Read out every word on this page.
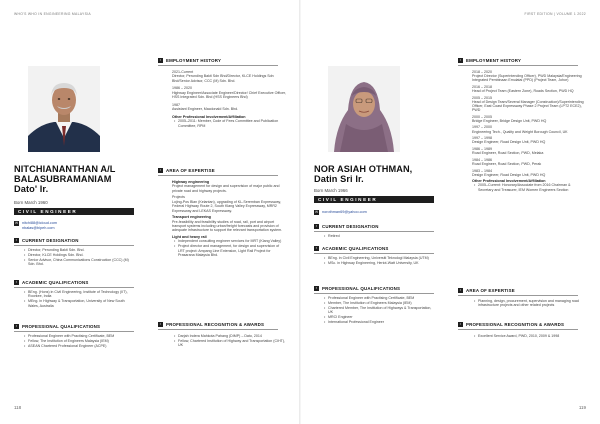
WHO'S WHO IN ENGINEERING MALAYSIA
NITCHIANANTHAN A/L
BALASUBRAMANIAM
Dato' Ir.
Born March 1960
CIVIL ENGINEER
✉ nitchi88@icloud.com
nbalas@bipeh.com
▪ CURRENT DESIGNATION
• Director, Perunding Bakti Sdn. Bhd.
• Director, KLCE Holdings Sdn. Bhd.
• Senior Advisor, China Communications Construction (CCC) (M) Sdn. Bhd.
▪ ACADEMIC QUALIFICATIONS
• BEng. (Hons) in Civil Engineering, Institute of Technology (IIT), Roorkee, India
• MEng. in Highway & Transportation, University of New South Wales, Australia
▪ PROFESSIONAL QUALIFICATIONS
• Professional Engineer with Practising Certificate, BEM
• Fellow, The Institution of Engineers Malaysia (IEM)
• ASEAN Chartered Professional Engineer (ACPE)
▪ EMPLOYMENT HISTORY
2021-Current
Director, Perunding Bakti Sdn Bhd/Director, KLCE Holdings Sdn Bhd/Senior Advisor, CCC (M) Sdn. Bhd.
1986 – 2020
Highway Engineer/Associate Engineer/Director/ Chief Executive Officer, HSS Integrated Sdn. Bhd (HSS Engineers Bhd)
1987
Assistant Engineer, Macdonald Sdn. Bhd.
Other Professional Involvement/Affiliation
• 2005–2011: Member, Code of Fees Committee and Publication Committee, RPM
▪ AREA OF EXPERTISE
Highway engineering
Project management for design and supervision of major public and private road and highway projects.
Projects
Lojing-Pos Blan (Kelantan), upgrading of KL-Seremban Expressway, Federal Highway Route 2, South Klang Valley Expressway, MRR2 Expressway and LEKAS Expressway.
Transport engineering
Pre-feasibility and feasibility studies of road, rail, port and airport transport systems including urban/freight forecasts and provision of adequate infrastructure to support the relevant transportation system.
Light and heavy rail
• Independent consulting engineer services for MRT (Klang Valley)
• Project director and management, for design and supervision of LRT project: Ampang Line Extension, Light Rail Project for Prasarana Malaysia Bhd.
▪ PROFESSIONAL RECOGNITION & AWARDS
• Darjah Indera Mahkota Pahang (DIMP) – Dato, 2014
• Fellow, Chartered Institution of Highway and Transportation (CIHT), UK
118
FIRST EDITION | VOLUME 1 2022
NOR ASIAH OTHMAN,
Datin Sri Ir.
Born March 1966
CIVIL ENGINEER
✉ norothman69@yahoo.com
▪ CURRENT DESIGNATION
• Retired
▪ ACADEMIC QUALIFICATIONS
• BEng. in Civil Engineering, Universiti Teknologi Malaysia (UTM)
• MSc. in Highway Engineering, Heriot-Watt University, UK
▪ PROFESSIONAL QUALIFICATIONS
• Professional Engineer with Practising Certificate, BEM
• Member, The Institution of Engineers Malaysia (IEM)
• Chartered Member, The Institution of Highways & Transportation, UK
• MRCI Engineer
• International Professional Engineer
▪ EMPLOYMENT HISTORY
2018 – 2020
Project Director (Superintending Officer), PWD Malaysia/Engineering Integrated Pembinaan Emulatai (PPD) (Project Team, Johor)
2016 – 2018
Head of Project Team (Eastern Zone), Roads Section, PWD HQ
2005 – 2015
Head of Design Team/Several Manager (Construction)/Superintending Officer, East Coast Expressway Phase 2 Project Team (LPT2 ECE2), PWD
2000 – 2005
Bridge Engineer, Bridge Design Unit, PWD HQ
1997 – 2000
Engineering Tech., Quality and Weight Borough Council, UK
1997 – 1998
Design Engineer, Road Design Unit, PWD HQ
1986 – 1989
Road Engineer, Road Section, PWD, Melaka
1984 – 1986
Road Engineer, Road Section, PWD, Perak
1983 – 1984
Design Engineer, Road Design Unit, PWD HQ
Other Professional Involvement/Affiliation
• 2005–Current: Honorary/Associate from 2016 Chairman & Secretary and Treasurer, IEM Women Engineers Section
▪ AREA OF EXPERTISE
• Planning, design, procurement, supervision and managing road infrastructure projects and other related projects
▪ PROFESSIONAL RECOGNITION & AWARDS
• Excellent Service Award, PWD, 2010, 2009 & 1998
119
